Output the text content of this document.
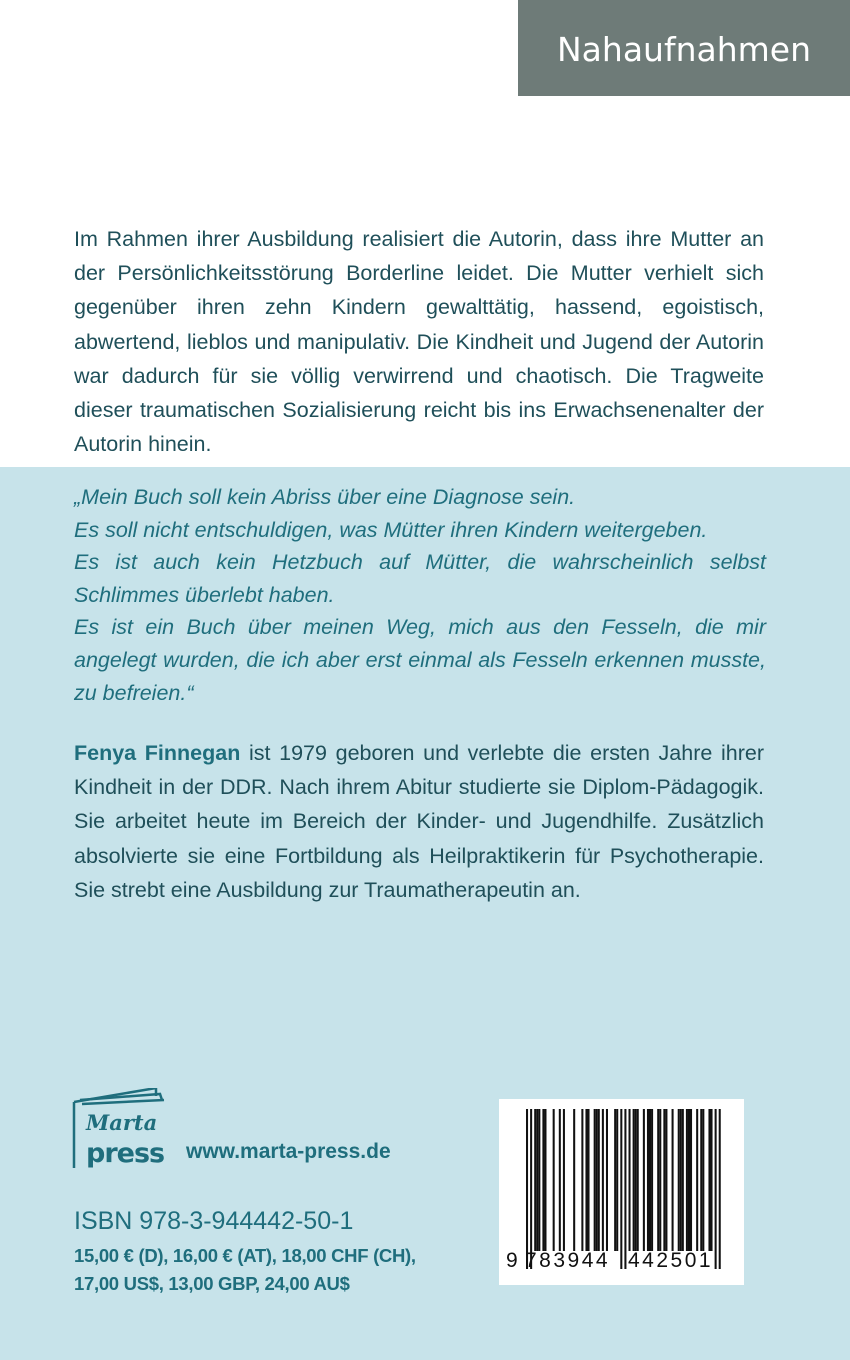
Nahaufnahmen
Im Rahmen ihrer Ausbildung realisiert die Autorin, dass ihre Mutter an der Persönlichkeitsstörung Borderline leidet. Die Mutter verhielt sich gegenüber ihren zehn Kindern gewalttätig, hassend, egoistisch, abwertend, lieblos und manipulativ. Die Kindheit und Jugend der Autorin war dadurch für sie völlig verwirrend und chaotisch. Die Tragweite dieser traumatischen Sozialisierung reicht bis ins Erwachsenenalter der Autorin hinein.

„Mein Buch soll kein Abriss über eine Diagnose sein.

Es soll nicht entschuldigen, was Mütter ihren Kindern weitergeben.

Es ist auch kein Hetzbuch auf Mütter, die wahrscheinlich selbst Schlimmes überlebt haben.

Es ist ein Buch über meinen Weg, mich aus den Fesseln, die mir angelegt wurden, die ich aber erst einmal als Fesseln erkennen musste, zu befreien.“

Fenya Finnegan ist 1979 geboren und verlebte die ersten Jahre ihrer Kindheit in der DDR. Nach ihrem Abitur studierte sie Diplom-Pädagogik. Sie arbeitet heute im Bereich der Kinder- und Jugendhilfe. Zusätzlich absolvierte sie eine Fortbildung als Heilpraktikerin für Psychotherapie. Sie strebt eine Ausbildung zur Traumatherapeutin an.
Marta
press www.marta-press.de
ISBN 978-3-944442-50-1
15,00 € (D), 16,00 € (AT), 18,00 CHF (CH),
17,00 US$, 13,00 GBP, 24,00 AU$
9 783944 442501
